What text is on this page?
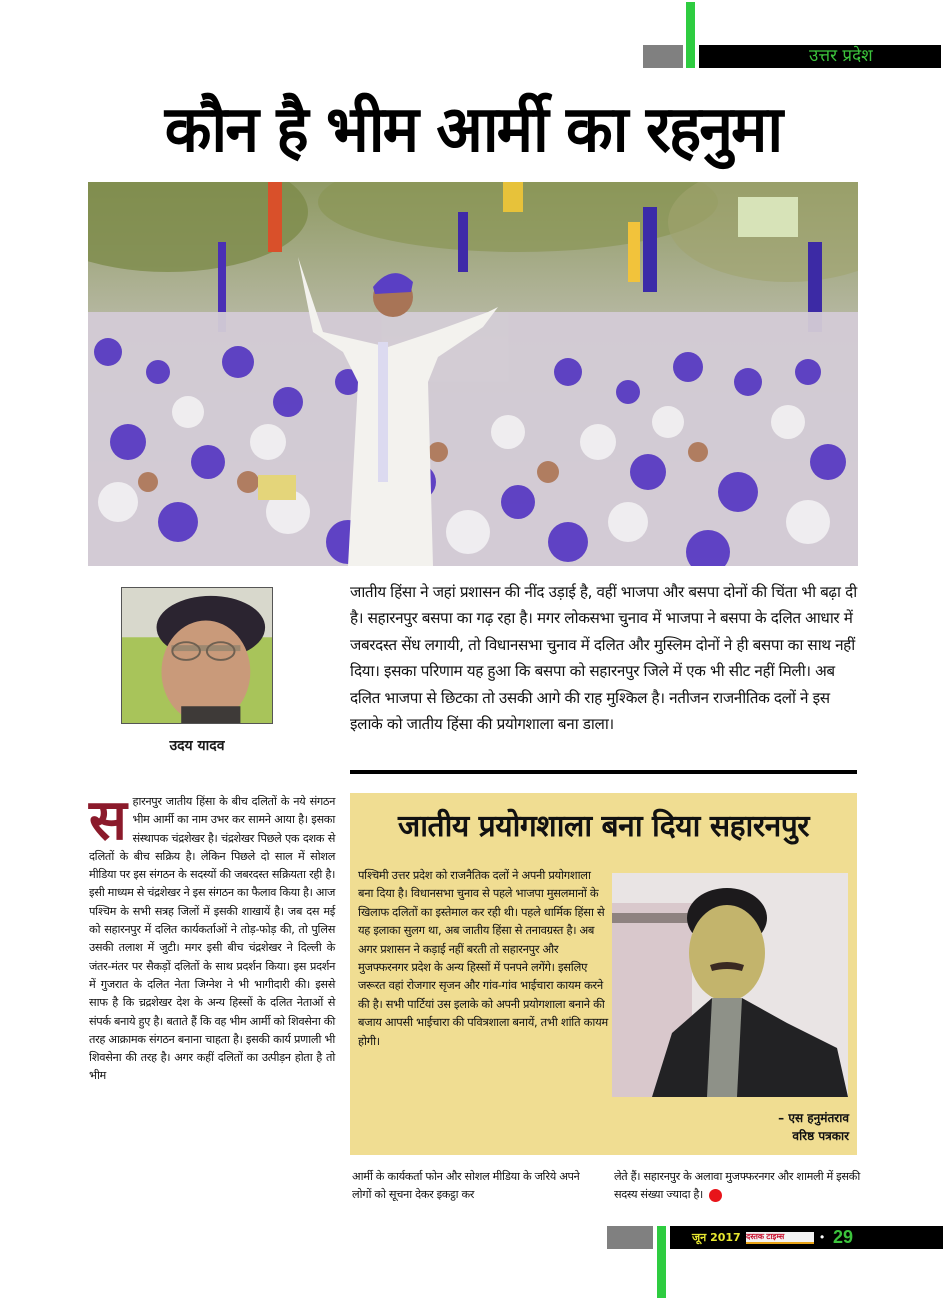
उत्तर प्रदेश
कौन है भीम आर्मी का रहनुमा
उदय यादव

जातीय हिंसा ने जहां प्रशासन की नींद उड़ाई है, वहीं भाजपा और बसपा दोनों की चिंता भी बढ़ा दी है। सहारनपुर बसपा का गढ़ रहा है। मगर लोकसभा चुनाव में भाजपा ने बसपा के दलित आधार में जबरदस्त सेंध लगायी, तो विधानसभा चुनाव में दलित और मुस्लिम दोनों ने ही बसपा का साथ नहीं दिया। इसका परिणाम यह हुआ कि बसपा को सहारनपुर जिले में एक भी सीट नहीं मिली। अब दलित भाजपा से छिटका तो उसकी आगे की राह मुश्किल है। नतीजन राजनीतिक दलों ने इस इलाके को जातीय हिंसा की प्रयोगशाला बना डाला।

स हारनपुर जातीय हिंसा के बीच दलितों के नये संगठन भीम आर्मी का नाम उभर कर सामने आया है। इसका संस्थापक चंद्रशेखर है। चंद्रशेखर पिछले एक दशक से दलितों के बीच सक्रिय है। लेकिन पिछले दो साल में सोशल मीडिया पर इस संगठन के सदस्यों की जबरदस्त सक्रियता रही है। इसी माध्यम से चंद्रशेखर ने इस संगठन का फैलाव किया है। आज पश्चिम के सभी सत्रह जिलों में इसकी शाखायें है। जब दस मई को सहारनपुर में दलित कार्यकर्ताओं ने तोड़-फोड़ की, तो पुलिस उसकी तलाश में जुटी। मगर इसी बीच चंद्रशेखर ने दिल्ली के जंतर-मंतर पर सैकड़ों दलितों के साथ प्रदर्शन किया। इस प्रदर्शन में गुजरात के दलित नेता जिग्नेश ने भी भागीदारी की। इससे साफ है कि च्रद्रशेखर देश के अन्य हिस्सों के दलित नेताओं से संपर्क बनाये हुए है। बताते हैं कि वह भीम आर्मी को शिवसेना की तरह आक्रामक संगठन बनाना चाहता है। इसकी कार्य प्रणाली भी शिवसेना की तरह है। अगर कहीं दलितों का उत्पीड़न होता है तो भीम
जातीय प्रयोगशाला बना दिया सहारनपुर

पश्चिमी उत्तर प्रदेश को राजनैतिक दलों ने अपनी प्रयोगशाला बना दिया है। विधानसभा चुनाव से पहले भाजपा मुसलमानों के खिलाफ दलितों का इस्तेमाल कर रही थी। पहले धार्मिक हिंसा से यह इलाका सुलग था, अब जातीय हिंसा से तनावग्रस्त है। अब अगर प्रशासन ने कड़ाई नहीं बरती तो सहारनपुर और मुजफ्फरनगर प्रदेश के अन्य हिस्सों में पनपने लगेंगे। इसलिए जरूरत वहां रोजगार सृजन और गांव-गांव भाईचारा कायम करने की है। सभी पार्टियां उस इलाके को अपनी प्रयोगशाला बनाने की बजाय आपसी भाईचारा की पवित्रशाला बनायें, तभी शांति कायम होगी।

– एस हनुमंतराव
वरिष्ठ पत्रकार

आर्मी के कार्यकर्ता फोन और सोशल मीडिया के जरिये अपने लोगों को सूचना देकर इकट्ठा कर

लेते हैं। सहारनपुर के अलावा मुजफ्फरनगर और शामली में इसकी सदस्य संख्या ज्यादा है।

जून 2017 दस्तक टाइम्स	• 29
